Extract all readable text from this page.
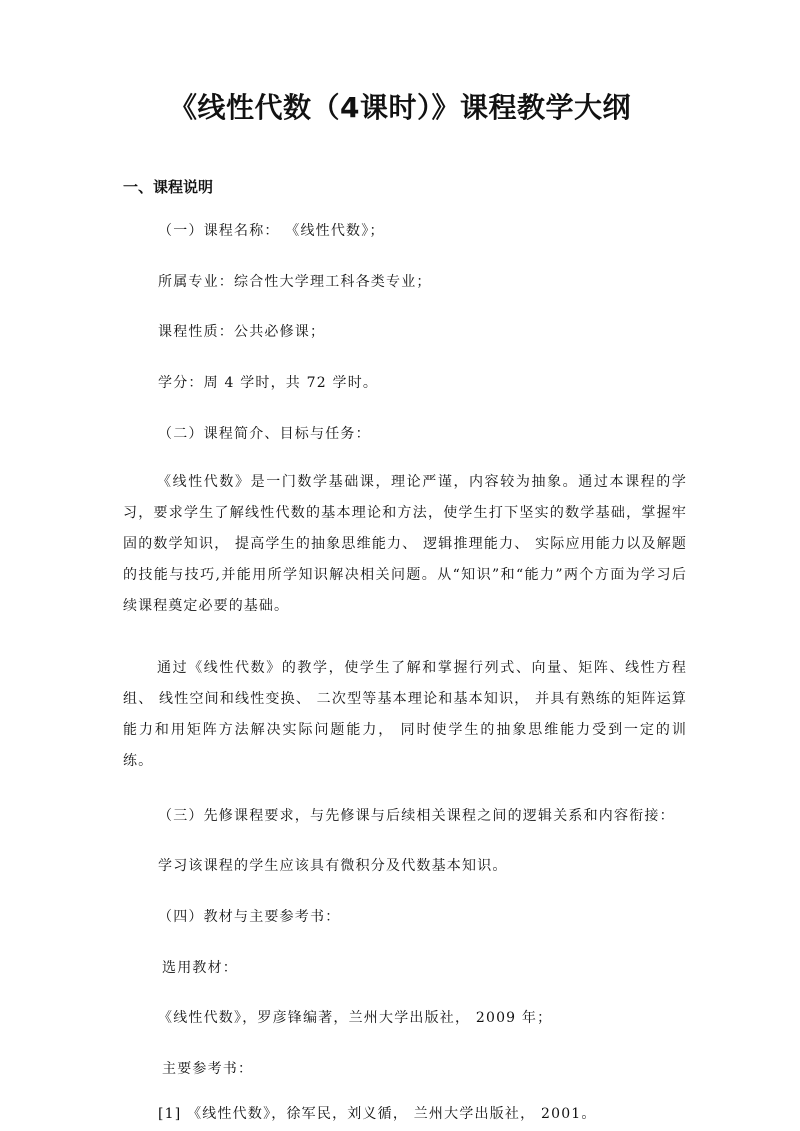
《线性代数（4课时）》课程教学大纲
一、课程说明
（一）课程名称： 《线性代数》；
所属专业：综合性大学理工科各类专业；
课程性质：公共必修课；
学分：周 4 学时，共 72 学时。
（二）课程简介、目标与任务：
《线性代数》是一门数学基础课，理论严谨，内容较为抽象。通过本课程的学习，要求学生了解线性代数的基本理论和方法，使学生打下坚实的数学基础，掌握牢固的数学知识， 提高学生的抽象思维能力、 逻辑推理能力、 实际应用能力以及解题的技能与技巧,并能用所学知识解决相关问题。从“知识”和“能力”两个方面为学习后续课程奠定必要的基础。
通过《线性代数》的教学，使学生了解和掌握行列式、向量、矩阵、线性方程组、 线性空间和线性变换、 二次型等基本理论和基本知识， 并具有熟练的矩阵运算能力和用矩阵方法解决实际问题能力， 同时使学生的抽象思维能力受到一定的训练。
（三）先修课程要求，与先修课与后续相关课程之间的逻辑关系和内容衔接：
学习该课程的学生应该具有微积分及代数基本知识。
（四）教材与主要参考书：
选用教材：
《线性代数》，罗彦锋编著，兰州大学出版社， 2009 年；
主要参考书：
[1] 《线性代数》，徐军民，刘义循， 兰州大学出版社， 2001。
